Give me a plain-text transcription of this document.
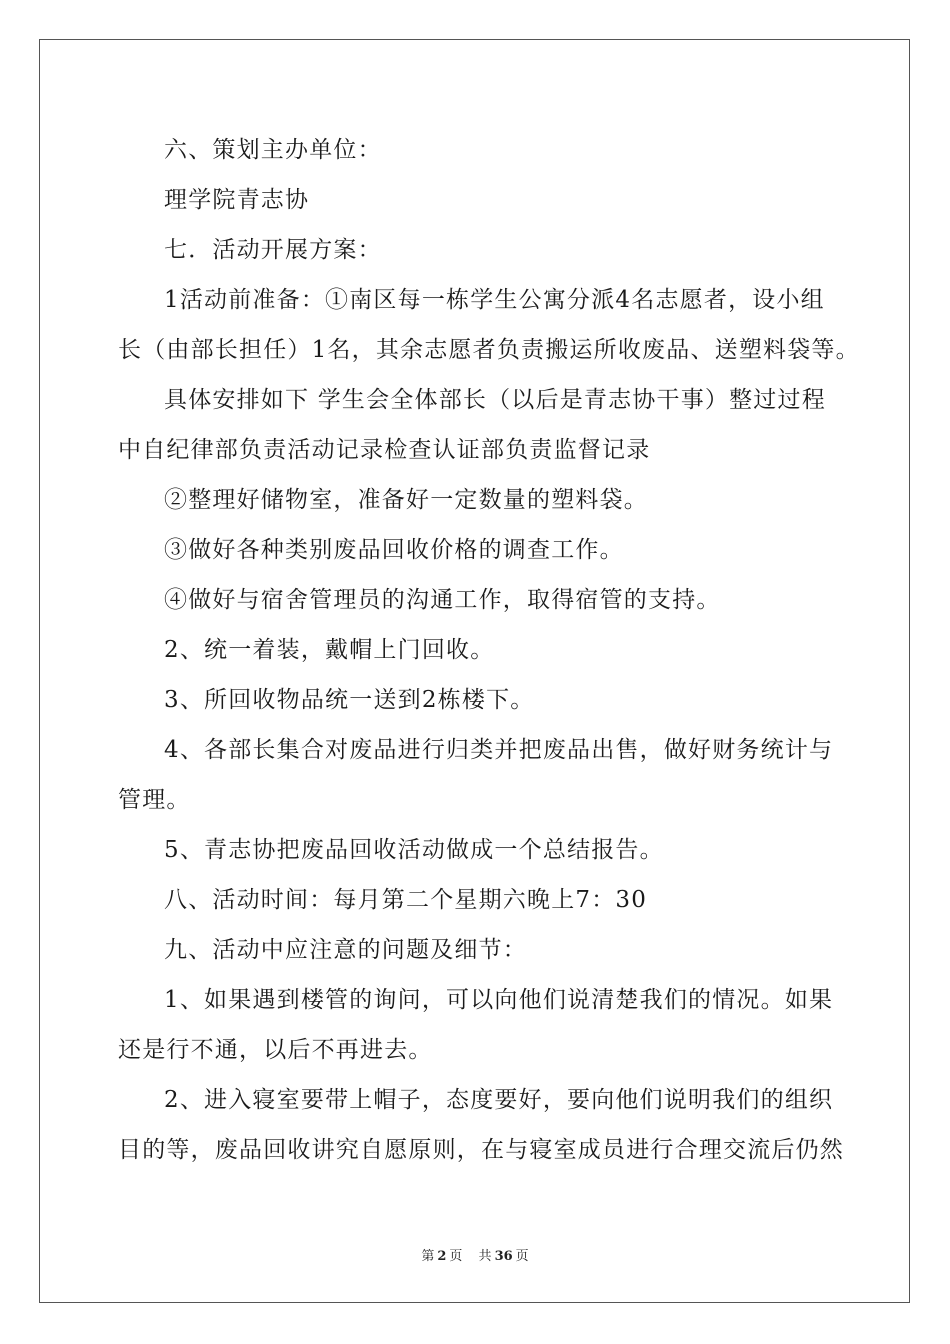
六、策划主办单位：

理学院青志协

七．活动开展方案：

1活动前准备：①南区每一栋学生公寓分派4名志愿者，设小组
长（由部长担任）1名，其余志愿者负责搬运所收废品、送塑料袋等。

具体安排如下 学生会全体部长（以后是青志协干事）整过过程
中自纪律部负责活动记录检查认证部负责监督记录

②整理好储物室，准备好一定数量的塑料袋。

③做好各种类别废品回收价格的调查工作。

④做好与宿舍管理员的沟通工作，取得宿管的支持。

2、统一着装，戴帽上门回收。

3、所回收物品统一送到2栋楼下。

4、各部长集合对废品进行归类并把废品出售，做好财务统计与
管理。

5、青志协把废品回收活动做成一个总结报告。

八、活动时间：每月第二个星期六晚上7：30

九、活动中应注意的问题及细节：

1、如果遇到楼管的询问，可以向他们说清楚我们的情况。如果
还是行不通，以后不再进去。

2、进入寝室要带上帽子，态度要好，要向他们说明我们的组织
目的等，废品回收讲究自愿原则，在与寝室成员进行合理交流后仍然

第 2 页 共 36 页
